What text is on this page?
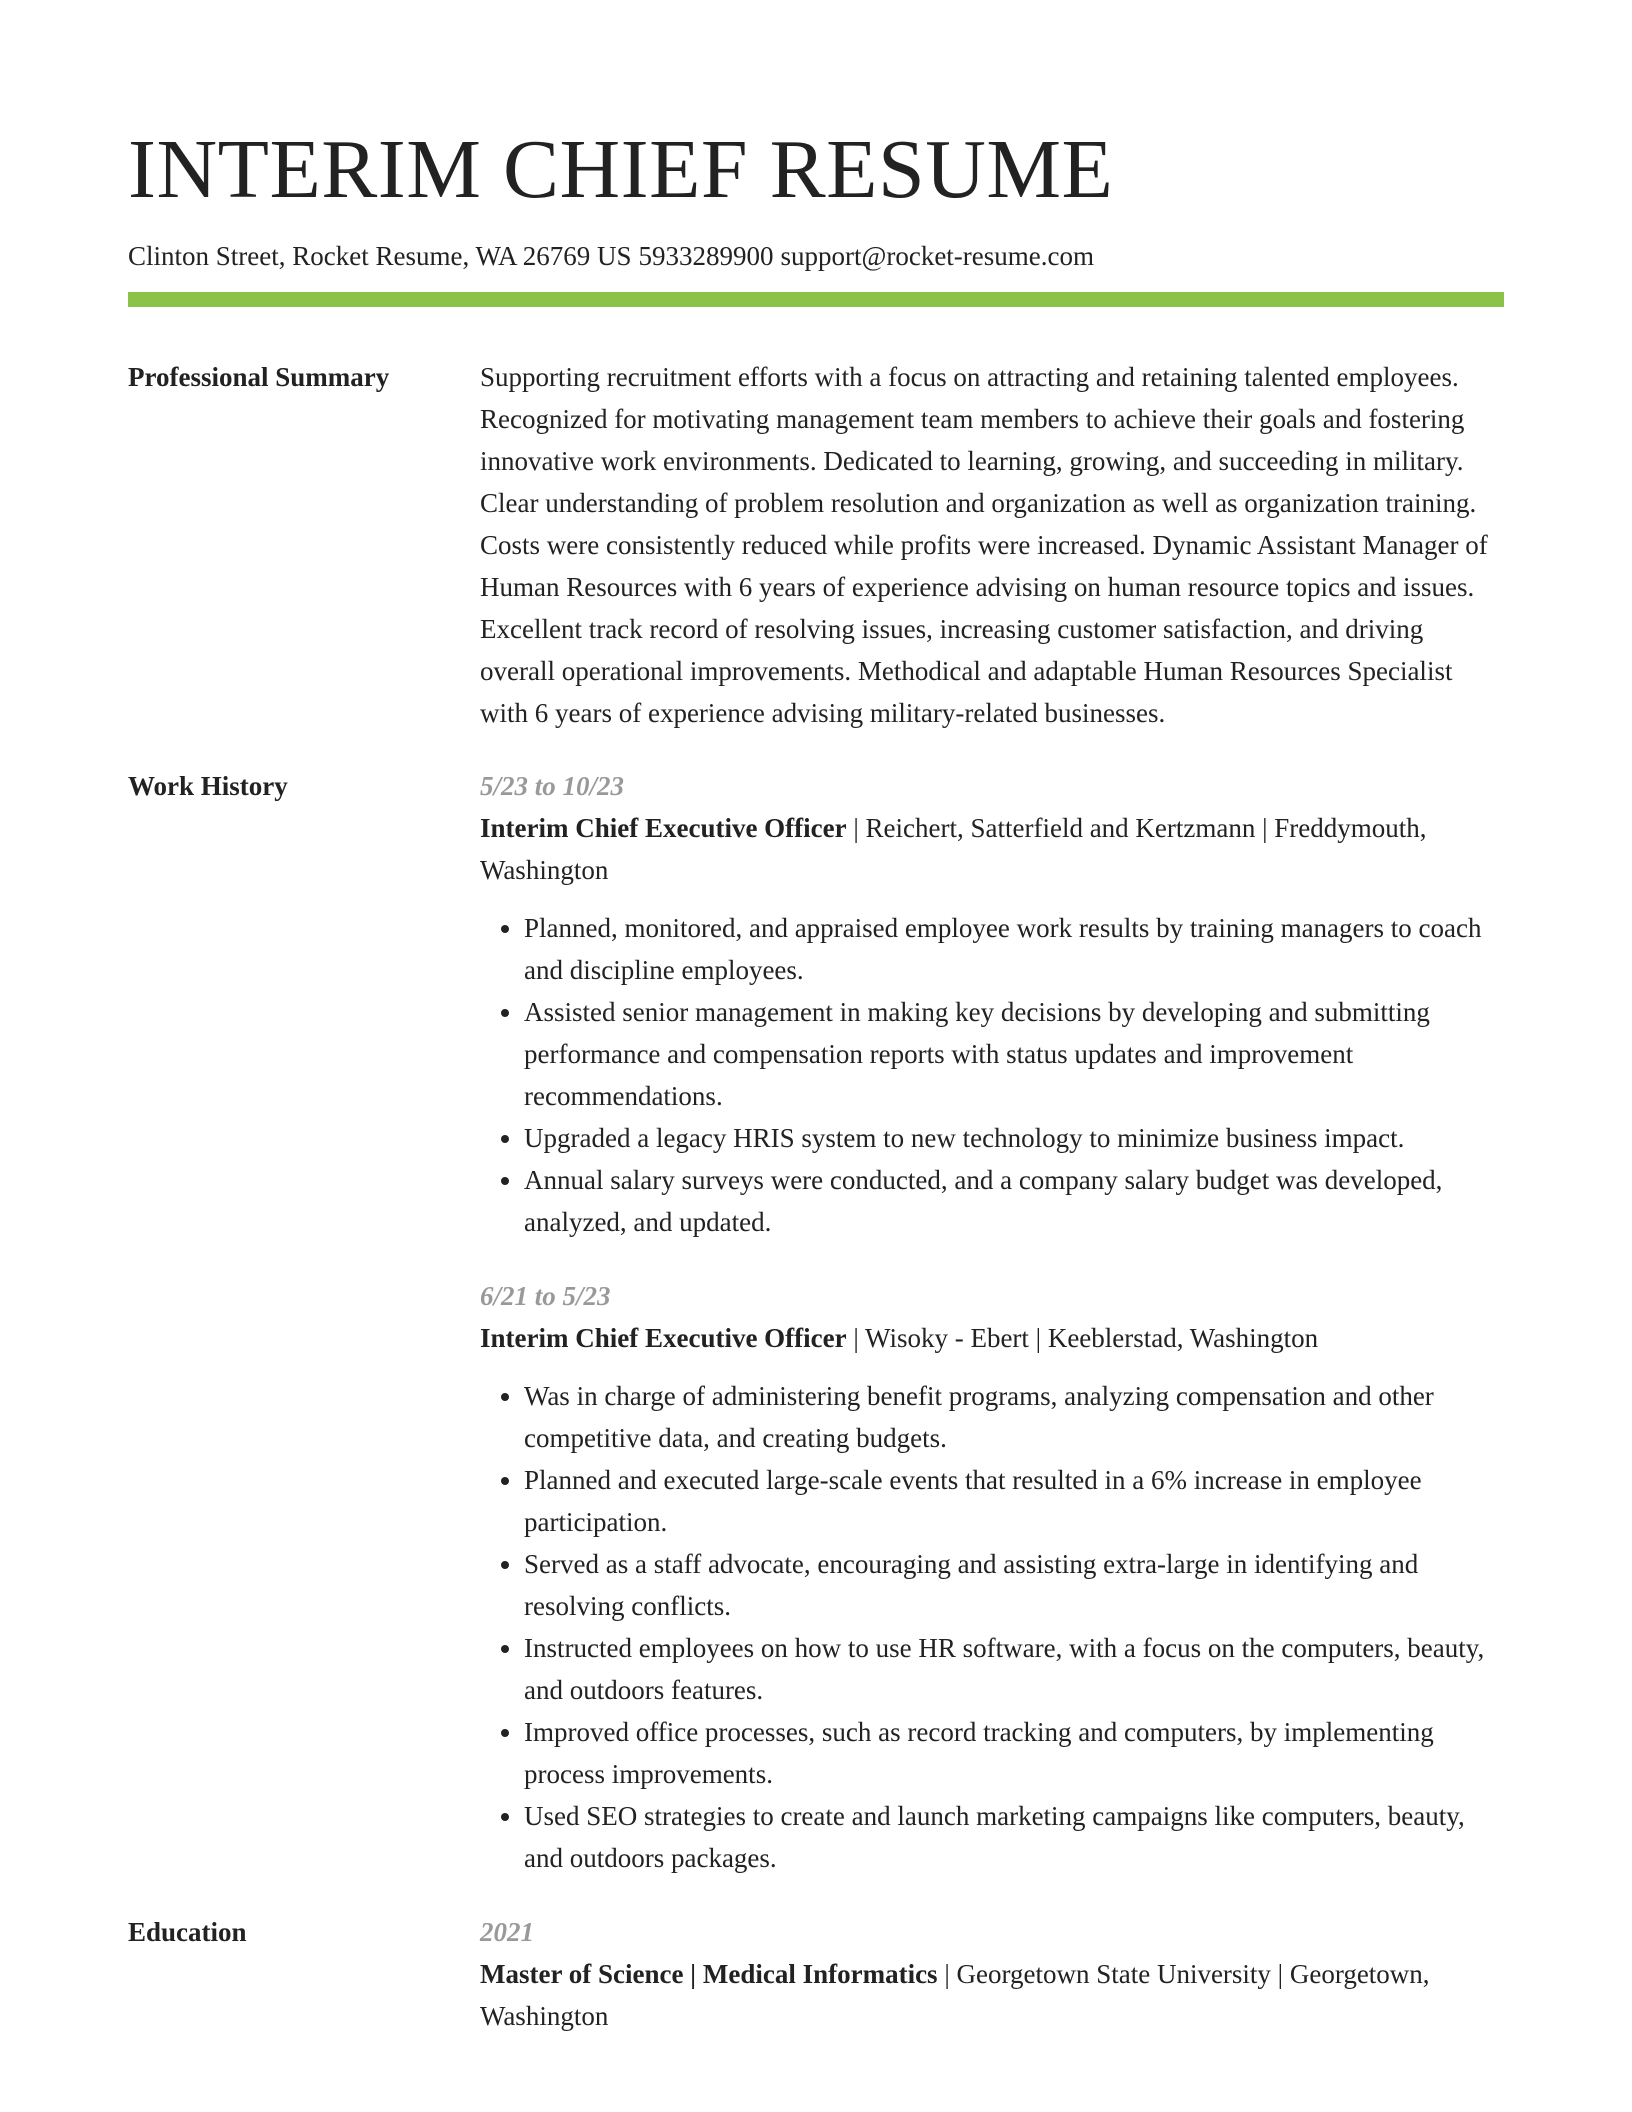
INTERIM CHIEF RESUME
Clinton Street, Rocket Resume, WA 26769 US 5933289900 support@rocket-resume.com
Professional Summary	Supporting recruitment efforts with a focus on attracting and retaining talented employees. Recognized for motivating management team members to achieve their goals and fostering innovative work environments. Dedicated to learning, growing, and succeeding in military. Clear understanding of problem resolution and organization as well as organization training. Costs were consistently reduced while profits were increased. Dynamic Assistant Manager of Human Resources with 6 years of experience advising on human resource topics and issues. Excellent track record of resolving issues, increasing customer satisfaction, and driving overall operational improvements. Methodical and adaptable Human Resources Specialist with 6 years of experience advising military-related businesses.
Work History	5/23 to 10/23
Interim Chief Executive Officer | Reichert, Satterfield and Kertzmann | Freddymouth, Washington
• Planned, monitored, and appraised employee work results by training managers to coach and discipline employees.
• Assisted senior management in making key decisions by developing and submitting performance and compensation reports with status updates and improvement recommendations.
• Upgraded a legacy HRIS system to new technology to minimize business impact.
• Annual salary surveys were conducted, and a company salary budget was developed, analyzed, and updated.
6/21 to 5/23
Interim Chief Executive Officer | Wisoky - Ebert | Keeblerstad, Washington
• Was in charge of administering benefit programs, analyzing compensation and other competitive data, and creating budgets.
• Planned and executed large-scale events that resulted in a 6% increase in employee participation.
• Served as a staff advocate, encouraging and assisting extra-large in identifying and resolving conflicts.
• Instructed employees on how to use HR software, with a focus on the computers, beauty, and outdoors features.
• Improved office processes, such as record tracking and computers, by implementing process improvements.
• Used SEO strategies to create and launch marketing campaigns like computers, beauty, and outdoors packages.
Education	2021
Master of Science | Medical Informatics | Georgetown State University | Georgetown, Washington
